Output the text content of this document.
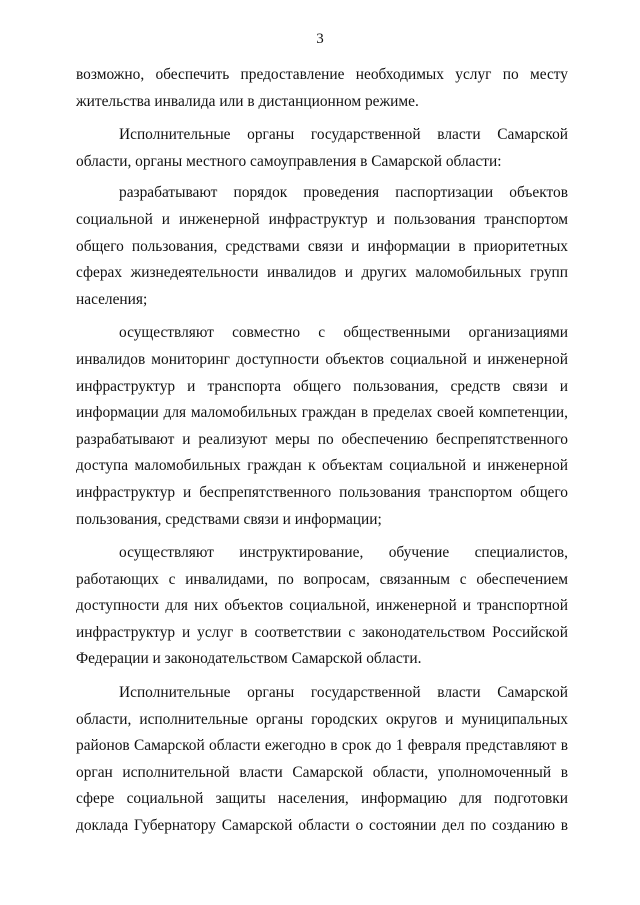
3

возможно, обеспечить предоставление необходимых услуг по месту
жительства инвалида или в дистанционном режиме.

Исполнительные органы государственной власти Самарской
области, органы местного самоуправления в Самарской области:

разрабатывают порядок проведения паспортизации объектов
социальной и инженерной инфраструктур и пользования транспортом
общего пользования, средствами связи и информации в приоритетных
сферах жизнедеятельности инвалидов и других маломобильных групп
населения;

осуществляют совместно с общественными организациями
инвалидов мониторинг доступности объектов социальной и инженерной
инфраструктур и транспорта общего пользования, средств связи и
информации для маломобильных граждан в пределах своей компетенции,
разрабатывают и реализуют меры по обеспечению беспрепятственного
доступа маломобильных граждан к объектам социальной и инженерной
инфраструктур и беспрепятственного пользования транспортом общего
пользования, средствами связи и информации;

осуществляют инструктирование, обучение специалистов,
работающих с инвалидами, по вопросам, связанным с обеспечением
доступности для них объектов социальной, инженерной и транспортной
инфраструктур и услуг в соответствии с законодательством Российской
Федерации и законодательством Самарской области.

Исполнительные органы государственной власти Самарской
области, исполнительные органы городских округов и муниципальных
районов Самарской области ежегодно в срок до 1 февраля представляют в
орган исполнительной власти Самарской области, уполномоченный в
сфере социальной защиты населения, информацию для подготовки
доклада Губернатору Самарской области о состоянии дел по созданию в
